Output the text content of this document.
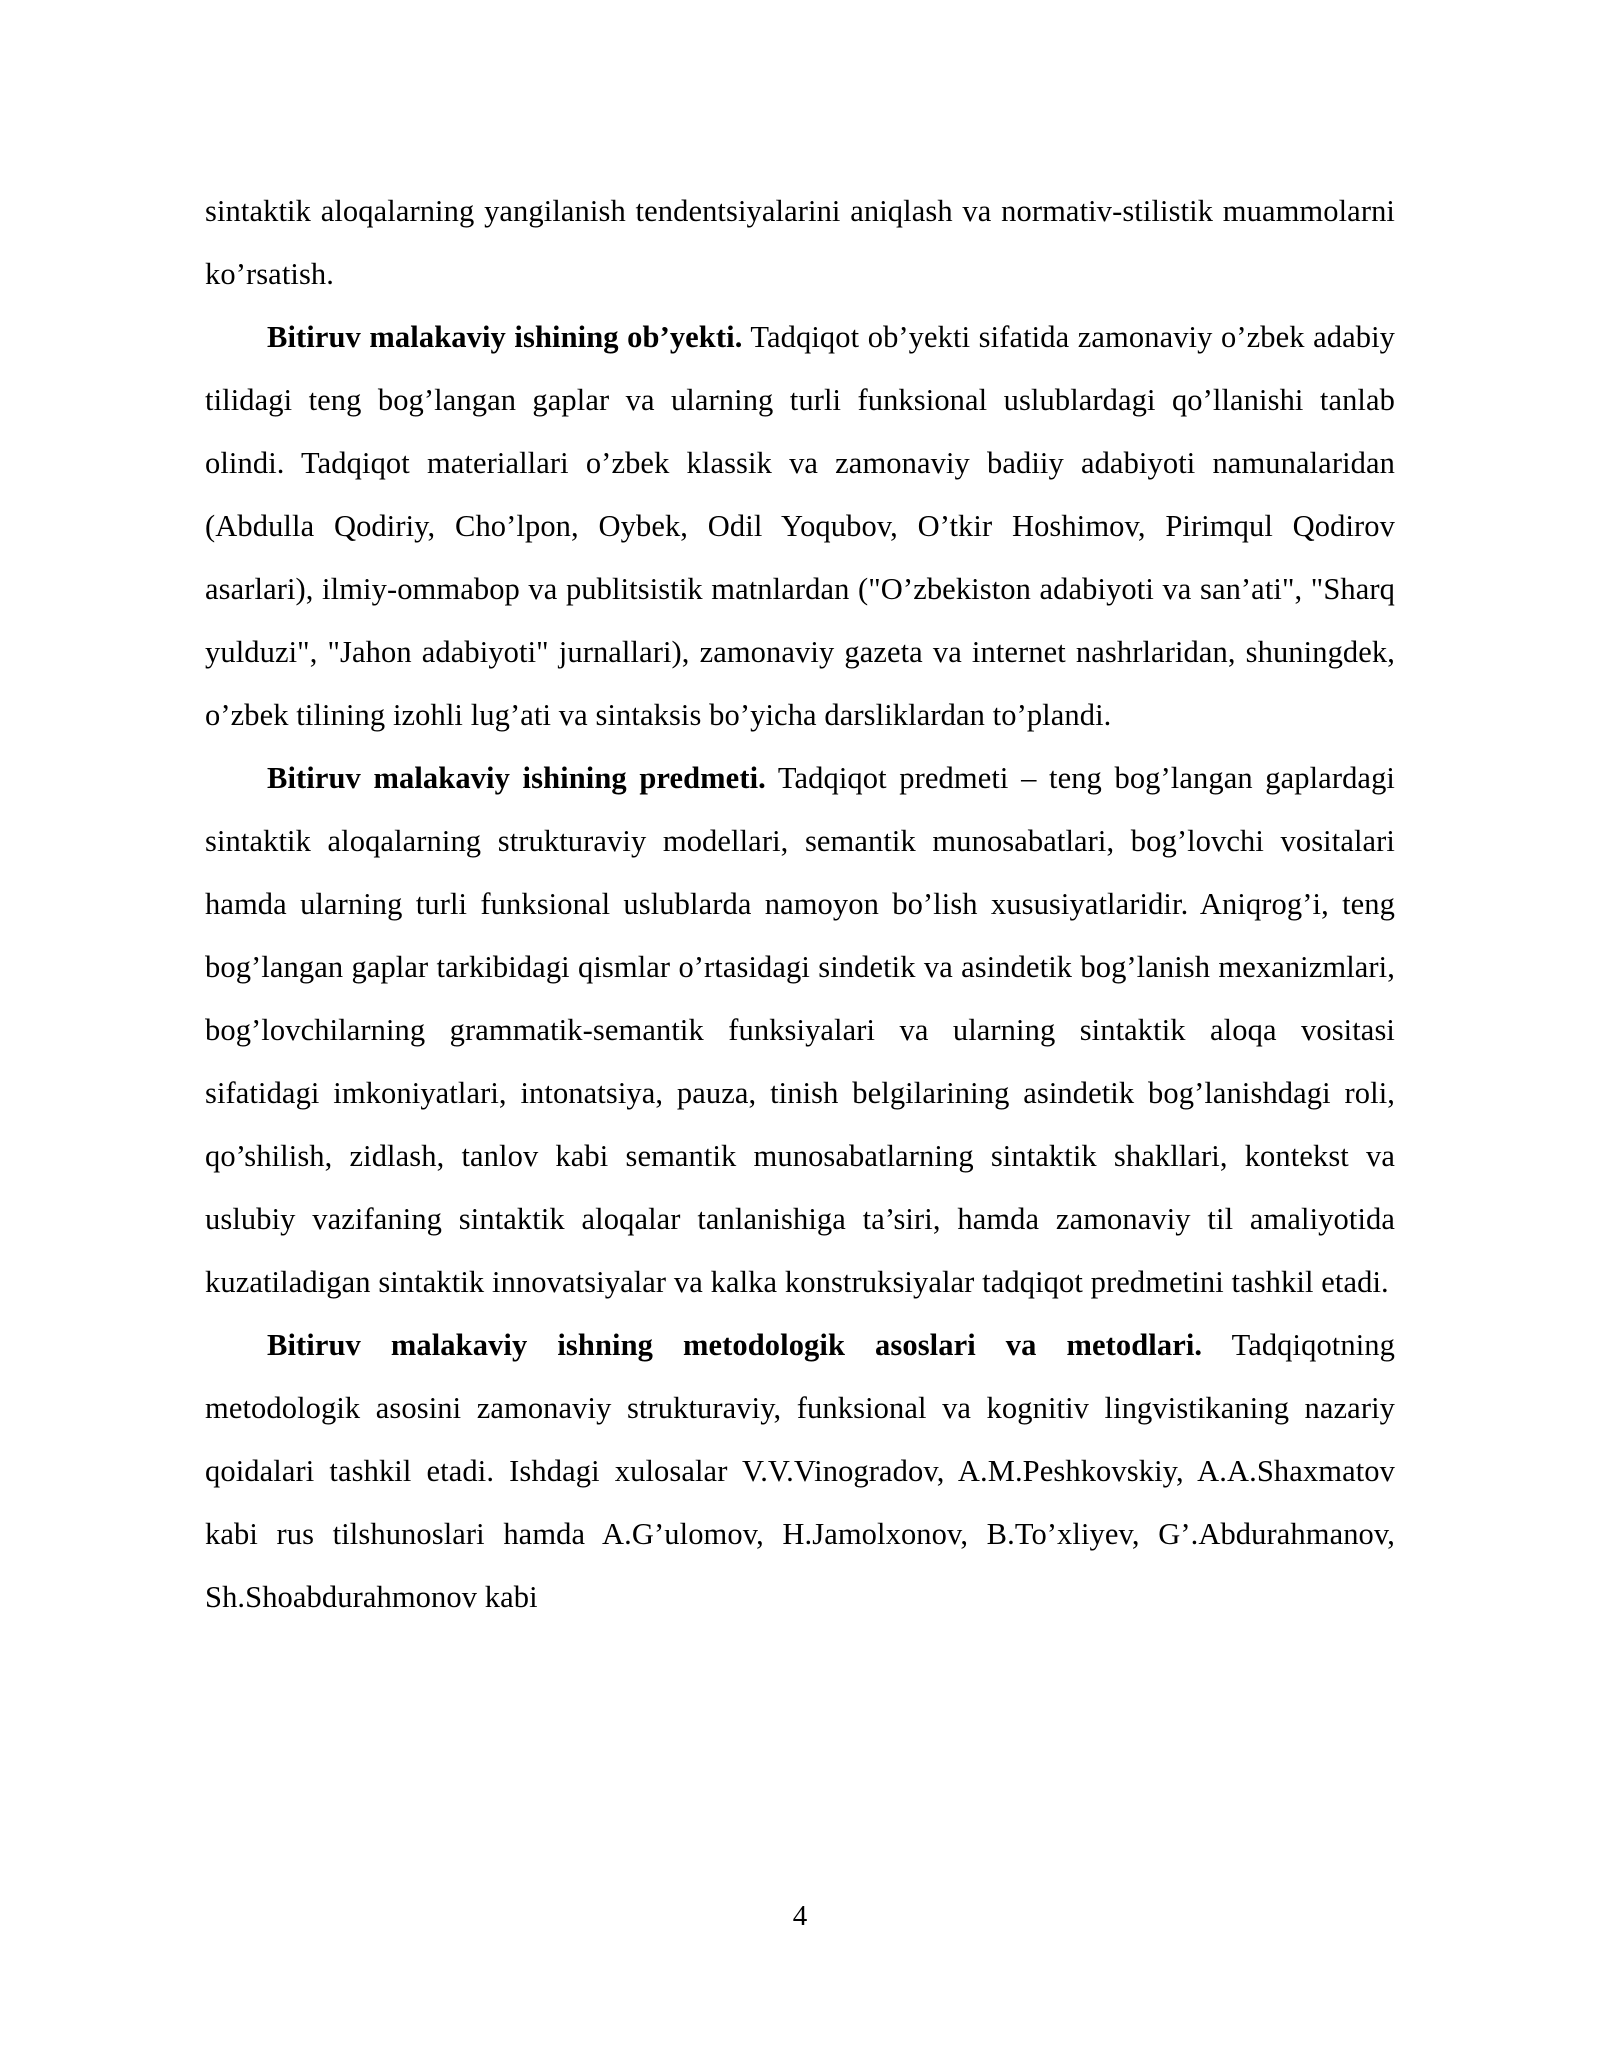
sintaktik aloqalarning yangilanish tendentsiyalarini aniqlash va normativ-stilistik muammolarni ko’rsatish.

Bitiruv malakaviy ishining ob’yekti. Tadqiqot ob’yekti sifatida zamonaviy o’zbek adabiy tilidagi teng bog’langan gaplar va ularning turli funksional uslublardagi qo’llanishi tanlab olindi. Tadqiqot materiallari o’zbek klassik va zamonaviy badiiy adabiyoti namunalaridan (Abdulla Qodiriy, Cho’lpon, Oybek, Odil Yoqubov, O’tkir Hoshimov, Pirimqul Qodirov asarlari), ilmiy-ommabop va publitsistik matnlardan ("O’zbekiston adabiyoti va san’ati", "Sharq yulduzi", "Jahon adabiyoti" jurnallari), zamonaviy gazeta va internet nashrlaridan, shuningdek, o’zbek tilining izohli lug’ati va sintaksis bo’yicha darsliklardan to’plandi.

Bitiruv malakaviy ishining predmeti. Tadqiqot predmeti – teng bog’langan gaplardagi sintaktik aloqalarning strukturaviy modellari, semantik munosabatlari, bog’lovchi vositalari hamda ularning turli funksional uslublarda namoyon bo’lish xususiyatlaridir. Aniqrog’i, teng bog’langan gaplar tarkibidagi qismlar o’rtasidagi sindetik va asindetik bog’lanish mexanizmlari, bog’lovchilarning grammatik-semantik funksiyalari va ularning sintaktik aloqa vositasi sifatidagi imkoniyatlari, intonatsiya, pauza, tinish belgilarining asindetik bog’lanishdagi roli, qo’shilish, zidlash, tanlov kabi semantik munosabatlarning sintaktik shakllari, kontekst va uslubiy vazifaning sintaktik aloqalar tanlanishiga ta’siri, hamda zamonaviy til amaliyotida kuzatiladigan sintaktik innovatsiyalar va kalka konstruksiyalar tadqiqot predmetini tashkil etadi.

Bitiruv malakaviy ishning metodologik asoslari va metodlari. Tadqiqotning metodologik asosini zamonaviy strukturaviy, funksional va kognitiv lingvistikaning nazariy qoidalari tashkil etadi. Ishdagi xulosalar V.V.Vinogradov, A.M.Peshkovskiy, A.A.Shaxmatov kabi rus tilshunoslari hamda A.G’ulomov, H.Jamolxonov, B.To’xliyev, G’.Abdurahmanov, Sh.Shoabdurahmonov kabi

4
